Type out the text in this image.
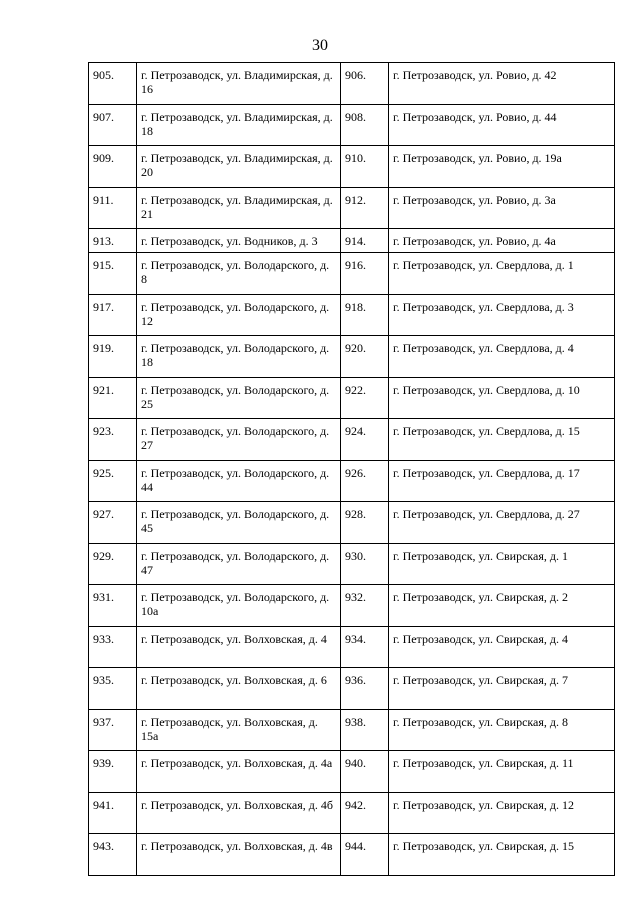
30
905.	г. Петрозаводск, ул. Владимирская, д. 16	906.	г. Петрозаводск, ул. Ровио, д. 42
907.	г. Петрозаводск, ул. Владимирская, д. 18	908.	г. Петрозаводск, ул. Ровио, д. 44
909.	г. Петрозаводск, ул. Владимирская, д. 20	910.	г. Петрозаводск, ул. Ровио, д. 19а
911.	г. Петрозаводск, ул. Владимирская, д. 21	912.	г. Петрозаводск, ул. Ровио, д. 3а
913.	г. Петрозаводск, ул. Водников, д. 3	914.	г. Петрозаводск, ул. Ровио, д. 4а
915.	г. Петрозаводск, ул. Володарского, д. 8	916.	г. Петрозаводск, ул. Свердлова, д. 1
917.	г. Петрозаводск, ул. Володарского, д. 12	918.	г. Петрозаводск, ул. Свердлова, д. 3
919.	г. Петрозаводск, ул. Володарского, д. 18	920.	г. Петрозаводск, ул. Свердлова, д. 4
921.	г. Петрозаводск, ул. Володарского, д. 25	922.	г. Петрозаводск, ул. Свердлова, д. 10
923.	г. Петрозаводск, ул. Володарского, д. 27	924.	г. Петрозаводск, ул. Свердлова, д. 15
925.	г. Петрозаводск, ул. Володарского, д. 44	926.	г. Петрозаводск, ул. Свердлова, д. 17
927.	г. Петрозаводск, ул. Володарского, д. 45	928.	г. Петрозаводск, ул. Свердлова, д. 27
929.	г. Петрозаводск, ул. Володарского, д. 47	930.	г. Петрозаводск, ул. Свирская, д. 1
931.	г. Петрозаводск, ул. Володарского, д. 10а	932.	г. Петрозаводск, ул. Свирская, д. 2
933.	г. Петрозаводск, ул. Волховская, д. 4	934.	г. Петрозаводск, ул. Свирская, д. 4
935.	г. Петрозаводск, ул. Волховская, д. 6	936.	г. Петрозаводск, ул. Свирская, д. 7
937.	г. Петрозаводск, ул. Волховская, д. 15а	938.	г. Петрозаводск, ул. Свирская, д. 8
939.	г. Петрозаводск, ул. Волховская, д. 4а	940.	г. Петрозаводск, ул. Свирская, д. 11
941.	г. Петрозаводск, ул. Волховская, д. 4б	942.	г. Петрозаводск, ул. Свирская, д. 12
943.	г. Петрозаводск, ул. Волховская, д. 4в	944.	г. Петрозаводск, ул. Свирская, д. 15
